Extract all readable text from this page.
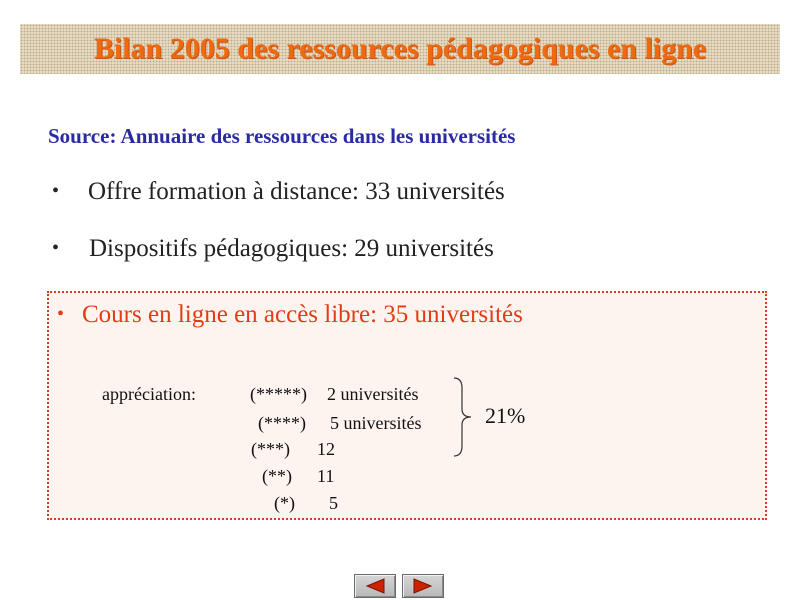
Bilan 2005 des ressources pédagogiques en ligne
Source: Annuaire des ressources dans les universités
• Offre formation à distance: 33 universités
• Dispositifs pédagogiques: 29 universités
• Cours en ligne en accès libre: 35 universités
appréciation:	(*****) 2 universités
(****) 5 universités
(***) 12
(**) 11
(*) 5
21%
